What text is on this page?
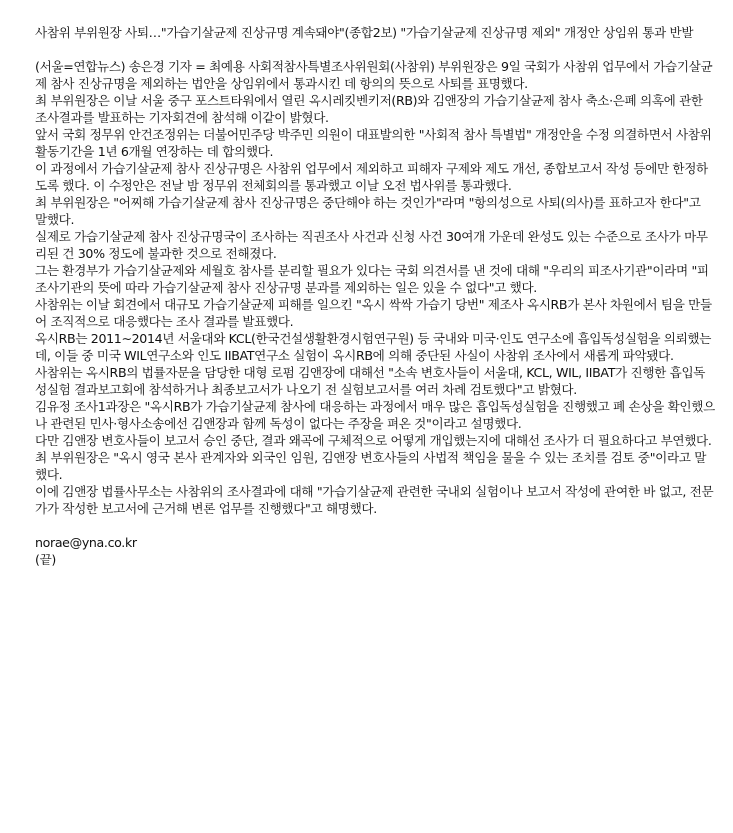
사참위 부위원장 사퇴…"가습기살균제 진상규명 계속돼야"(종합2보) "가습기살균제 진상규명 제외" 개정안 상임위 통과 반발

(서울=연합뉴스) 송은경 기자 = 최예용 사회적참사특별조사위원회(사참위) 부위원장은 9일 국회가 사참위 업무에서 가습기살균제 참사 진상규명을 제외하는 법안을 상임위에서 통과시킨 데 항의의 뜻으로 사퇴를 표명했다.

최 부위원장은 이날 서울 중구 포스트타워에서 열린 옥시레킷벤키저(RB)와 김앤장의 가습기살균제 참사 축소·은폐 의혹에 관한 조사결과를 발표하는 기자회견에 참석해 이같이 밝혔다.

앞서 국회 정무위 안건조정위는 더불어민주당 박주민 의원이 대표발의한 "사회적 참사 특별법" 개정안을 수정 의결하면서 사참위 활동기간을 1년 6개월 연장하는 데 합의했다.

이 과정에서 가습기살균제 참사 진상규명은 사참위 업무에서 제외하고 피해자 구제와 제도 개선, 종합보고서 작성 등에만 한정하도록 했다. 이 수정안은 전날 밤 정무위 전체회의를 통과했고 이날 오전 법사위를 통과했다.

최 부위원장은 "어찌해 가습기살균제 참사 진상규명은 중단해야 하는 것인가"라며 "항의성으로 사퇴(의사)를 표하고자 한다"고 말했다.

실제로 가습기살균제 참사 진상규명국이 조사하는 직권조사 사건과 신청 사건 30여개 가운데 완성도 있는 수준으로 조사가 마무리된 건 30% 정도에 불과한 것으로 전해졌다.

그는 환경부가 가습기살균제와 세월호 참사를 분리할 필요가 있다는 국회 의견서를 낸 것에 대해 "우리의 피조사기관"이라며 "피조사기관의 뜻에 따라 가습기살균제 참사 진상규명 분과를 제외하는 일은 있을 수 없다"고 했다.

사참위는 이날 회견에서 대규모 가습기살균제 피해를 일으킨 "옥시 싹싹 가습기 당번" 제조사 옥시RB가 본사 차원에서 팀을 만들어 조직적으로 대응했다는 조사 결과를 발표했다.

옥시RB는 2011∼2014년 서울대와 KCL(한국건설생활환경시험연구원) 등 국내와 미국·인도 연구소에 흡입독성실험을 의뢰했는데, 이들 중 미국 WIL연구소와 인도 IIBAT연구소 실험이 옥시RB에 의해 중단된 사실이 사참위 조사에서 새롭게 파악됐다.

사참위는 옥시RB의 법률자문을 담당한 대형 로펌 김앤장에 대해선 "소속 변호사들이 서울대, KCL, WIL, IIBAT가 진행한 흡입독성실험 결과보고회에 참석하거나 최종보고서가 나오기 전 실험보고서를 여러 차례 검토했다"고 밝혔다.

김유정 조사1과장은 "옥시RB가 가습기살균제 참사에 대응하는 과정에서 매우 많은 흡입독성실험을 진행했고 폐 손상을 확인했으나 관련된 민사·형사소송에선 김앤장과 함께 독성이 없다는 주장을 펴온 것"이라고 설명했다.

다만 김앤장 변호사들이 보고서 승인 중단, 결과 왜곡에 구체적으로 어떻게 개입했는지에 대해선 조사가 더 필요하다고 부연했다.

최 부위원장은 "옥시 영국 본사 관계자와 외국인 임원, 김앤장 변호사들의 사법적 책임을 물을 수 있는 조치를 검토 중"이라고 말했다.

이에 김앤장 법률사무소는 사참위의 조사결과에 대해 "가습기살균제 관련한 국내외 실험이나 보고서 작성에 관여한 바 없고, 전문가가 작성한 보고서에 근거해 변론 업무를 진행했다"고 해명했다.

norae@yna.co.kr
(끝)
